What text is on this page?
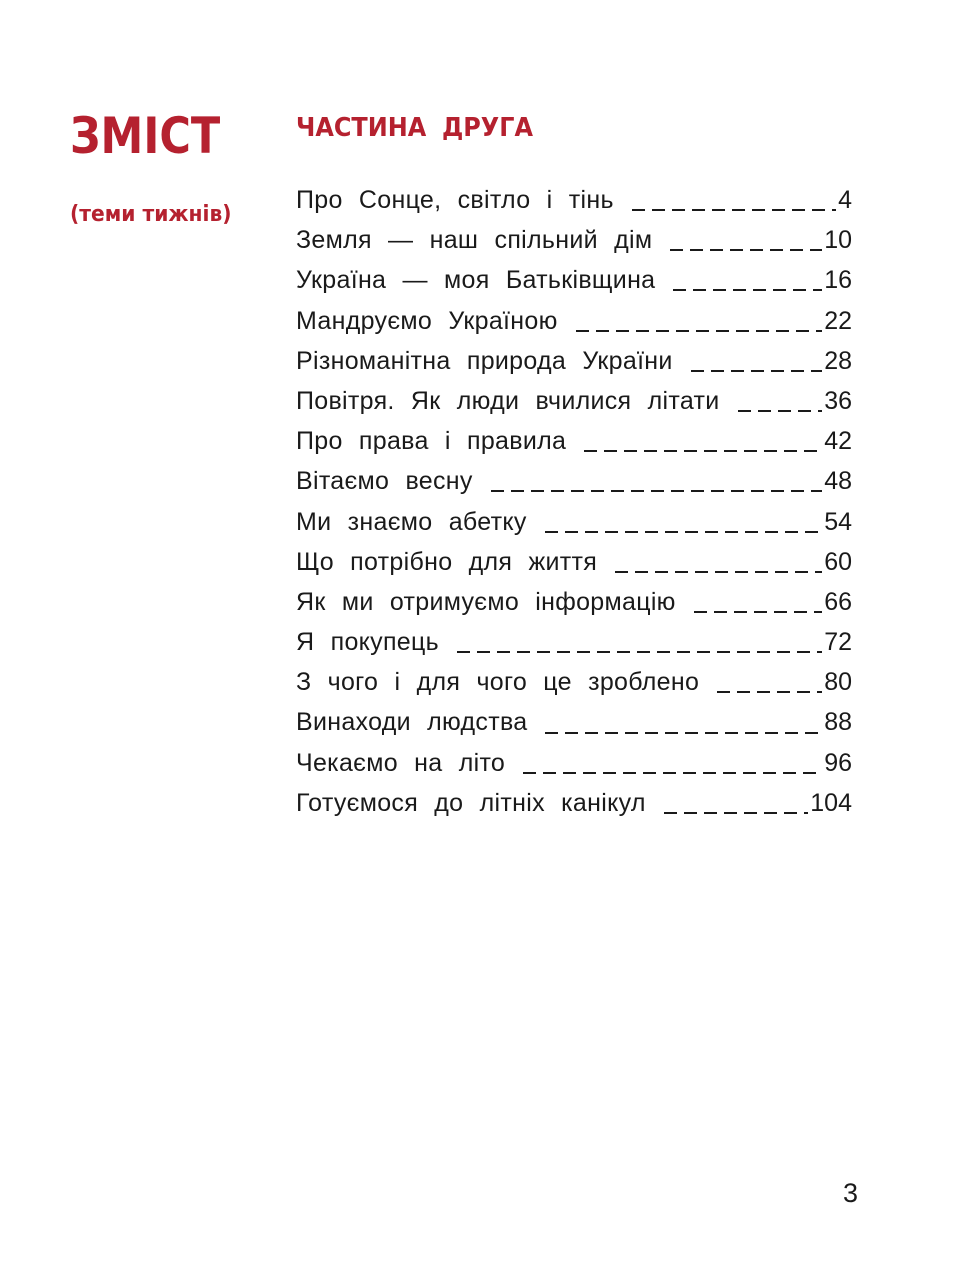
ЗМІСТ
(теми тижнів)
ЧАСТИНА ДРУГА
Про Сонце, світло і тінь	4
Земля — наш спільний дім	10
Україна — моя Батьківщина	16
Мандруємо Україною	22
Різноманітна природа України	28
Повітря. Як люди вчилися літати	36
Про права і правила	42
Вітаємо весну	48
Ми знаємо абетку	54
Що потрібно для життя	60
Як ми отримуємо інформацію	66
Я покупець	72
З чого і для чого це зроблено	80
Винаходи людства	88
Чекаємо на літо	96
Готуємося до літніх канікул	104
3
